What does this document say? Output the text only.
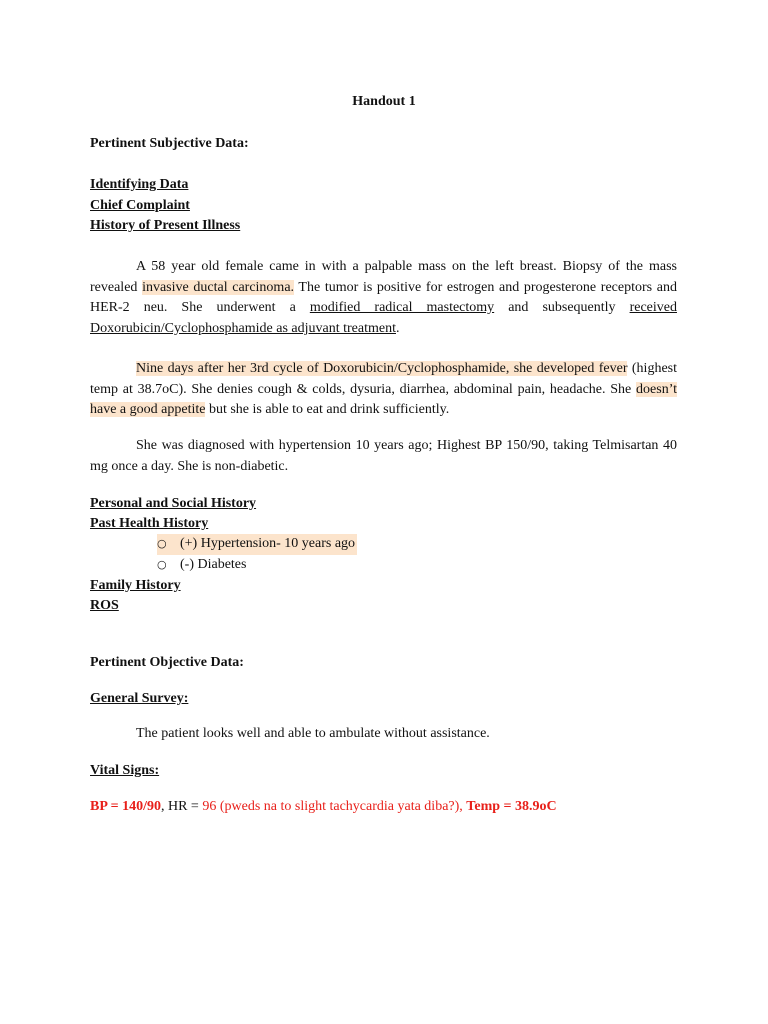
Handout 1
Pertinent Subjective Data:
Identifying Data
Chief Complaint
History of Present Illness
A 58 year old female came in with a palpable mass on the left breast. Biopsy of the mass revealed invasive ductal carcinoma. The tumor is positive for estrogen and progesterone receptors and HER-2 neu. She underwent a modified radical mastectomy and subsequently received Doxorubicin/Cyclophosphamide as adjuvant treatment.
Nine days after her 3rd cycle of Doxorubicin/Cyclophosphamide, she developed fever (highest temp at 38.7oC). She denies cough & colds, dysuria, diarrhea, abdominal pain, headache. She doesn’t have a good appetite but she is able to eat and drink sufficiently.
She was diagnosed with hypertension 10 years ago; Highest BP 150/90, taking Telmisartan 40 mg once a day. She is non-diabetic.
Personal and Social History
Past Health History
○ (+) Hypertension- 10 years ago
○ (-) Diabetes
Family History
ROS
Pertinent Objective Data:
General Survey:
The patient looks well and able to ambulate without assistance.
Vital Signs:
BP = 140/90, HR = 96 (pweds na to slight tachycardia yata diba?), Temp = 38.9oC
